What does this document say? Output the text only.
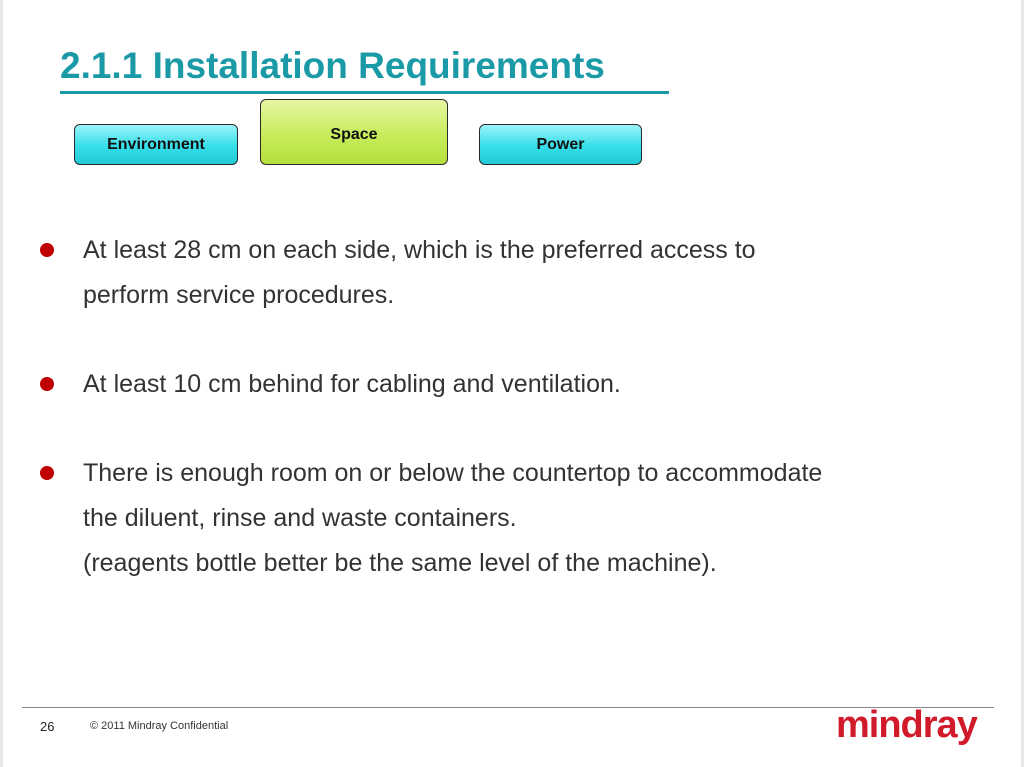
2.1.1 Installation Requirements
Environment
Space
Power
At least 28 cm on each side, which is the preferred access to
perform service procedures.
At least 10 cm behind for cabling and ventilation.
There is enough room on or below the countertop to accommodate
the diluent, rinse and waste containers.
(reagents bottle better be the same level of the machine).
26	© 2011 Mindray Confidential	mindray
